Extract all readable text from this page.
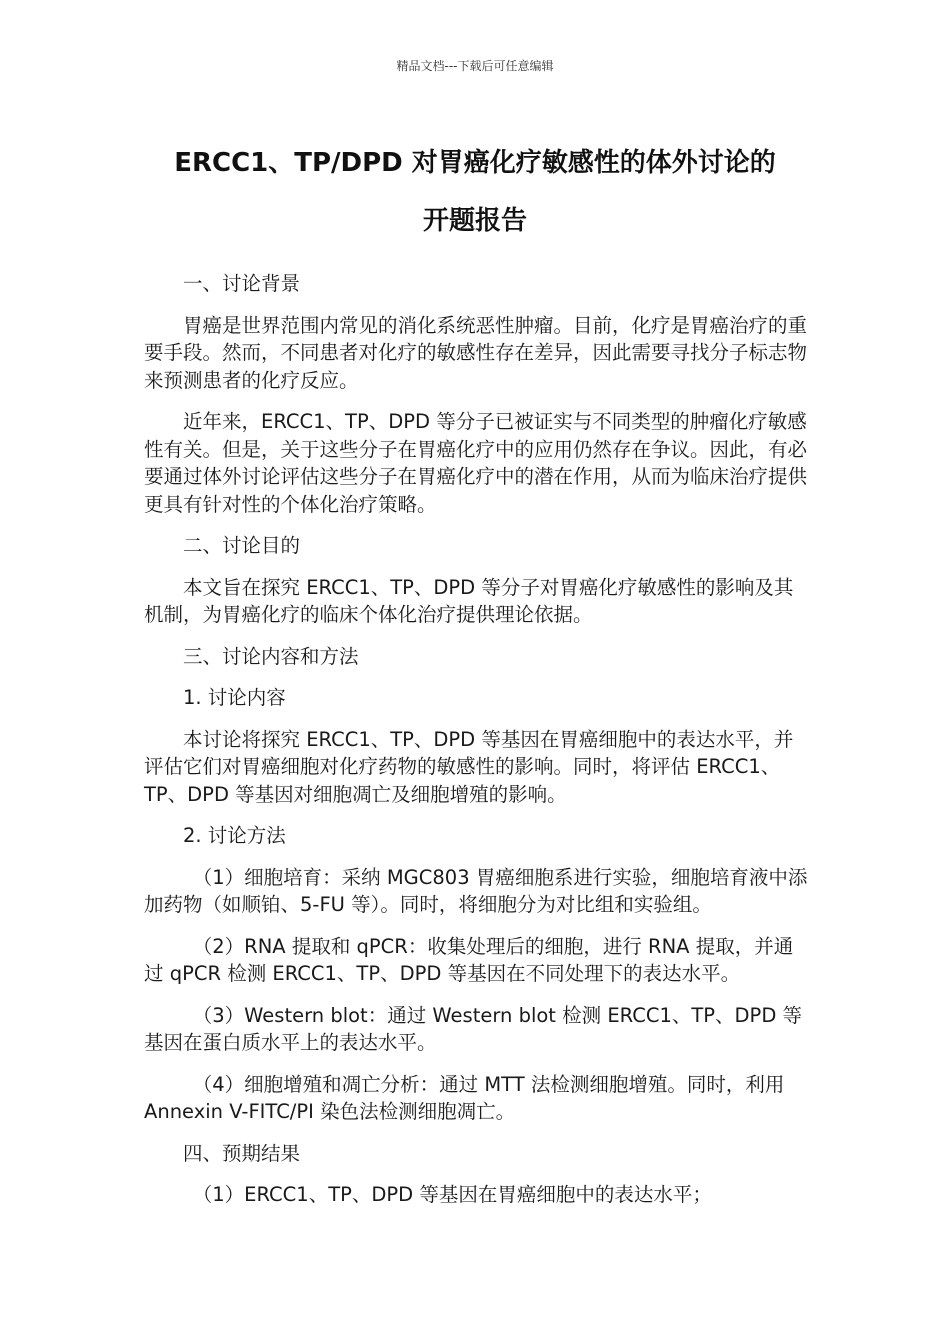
精品文档---下载后可任意编辑
ERCC1、TP/DPD 对胃癌化疗敏感性的体外讨论的
开题报告

一、讨论背景

胃癌是世界范围内常见的消化系统恶性肿瘤。目前，化疗是胃癌治疗的重要手段。然而，不同患者对化疗的敏感性存在差异，因此需要寻找分子标志物来预测患者的化疗反应。

近年来，ERCC1、TP、DPD 等分子已被证实与不同类型的肿瘤化疗敏感性有关。但是，关于这些分子在胃癌化疗中的应用仍然存在争议。因此，有必要通过体外讨论评估这些分子在胃癌化疗中的潜在作用，从而为临床治疗提供更具有针对性的个体化治疗策略。

二、讨论目的

本文旨在探究 ERCC1、TP、DPD 等分子对胃癌化疗敏感性的影响及其机制，为胃癌化疗的临床个体化治疗提供理论依据。

三、讨论内容和方法

1. 讨论内容

本讨论将探究 ERCC1、TP、DPD 等基因在胃癌细胞中的表达水平，并评估它们对胃癌细胞对化疗药物的敏感性的影响。同时，将评估 ERCC1、TP、DPD 等基因对细胞凋亡及细胞增殖的影响。

2. 讨论方法

（1）细胞培育：采纳 MGC803 胃癌细胞系进行实验，细胞培育液中添加药物（如顺铂、5-FU 等）。同时，将细胞分为对比组和实验组。

（2）RNA 提取和 qPCR：收集处理后的细胞，进行 RNA 提取，并通过 qPCR 检测 ERCC1、TP、DPD 等基因在不同处理下的表达水平。

（3）Western blot：通过 Western blot 检测 ERCC1、TP、DPD 等基因在蛋白质水平上的表达水平。

（4）细胞增殖和凋亡分析：通过 MTT 法检测细胞增殖。同时，利用 Annexin V-FITC/PI 染色法检测细胞凋亡。

四、预期结果

（1）ERCC1、TP、DPD 等基因在胃癌细胞中的表达水平；
